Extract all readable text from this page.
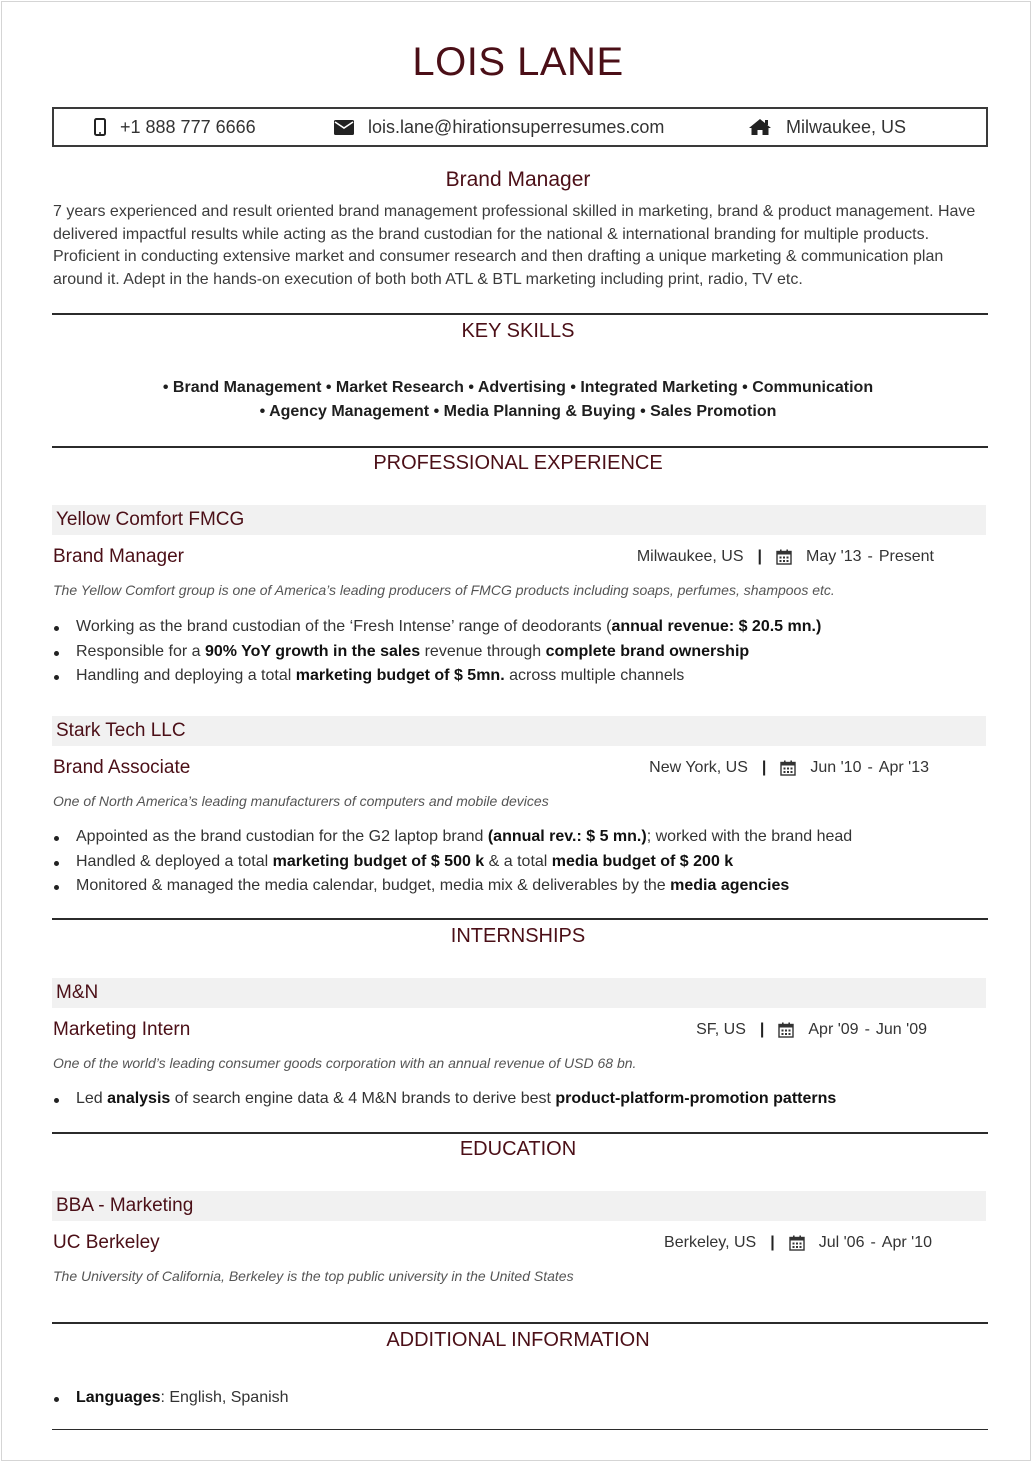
LOIS LANE
+1 888 777 6666	lois.lane@hirationsuperresumes.com	Milwaukee, US
Brand Manager
7 years experienced and result oriented brand management professional skilled in marketing, brand & product management. Have delivered impactful results while acting as the brand custodian for the national & international branding for multiple products. Proficient in conducting extensive market and consumer research and then drafting a unique marketing & communication plan around it. Adept in the hands-on execution of both both ATL & BTL marketing including print, radio, TV etc.
KEY SKILLS
• Brand Management • Market Research • Advertising • Integrated Marketing • Communication
• Agency Management • Media Planning & Buying • Sales Promotion
PROFESSIONAL EXPERIENCE
Yellow Comfort FMCG
Brand Manager	Milwaukee, US |	May '13 - Present
The Yellow Comfort group is one of America’s leading producers of FMCG products including soaps, perfumes, shampoos etc.
Working as the brand custodian of the ‘Fresh Intense’ range of deodorants (annual revenue: $ 20.5 mn.)
Responsible for a 90% YoY growth in the sales revenue through complete brand ownership
Handling and deploying a total marketing budget of $ 5mn. across multiple channels
Stark Tech LLC
Brand Associate	New York, US |	Jun '10 - Apr '13
One of North America’s leading manufacturers of computers and mobile devices
Appointed as the brand custodian for the G2 laptop brand (annual rev.: $ 5 mn.); worked with the brand head
Handled & deployed a total marketing budget of $ 500 k & a total media budget of $ 200 k
Monitored & managed the media calendar, budget, media mix & deliverables by the media agencies
INTERNSHIPS
M&N
Marketing Intern	SF, US |	Apr '09 - Jun '09
One of the world’s leading consumer goods corporation with an annual revenue of USD 68 bn.
Led analysis of search engine data & 4 M&N brands to derive best product-platform-promotion patterns
EDUCATION
BBA - Marketing
UC Berkeley	Berkeley, US |	Jul '06 - Apr '10
The University of California, Berkeley is the top public university in the United States
ADDITIONAL INFORMATION
Languages: English, Spanish
